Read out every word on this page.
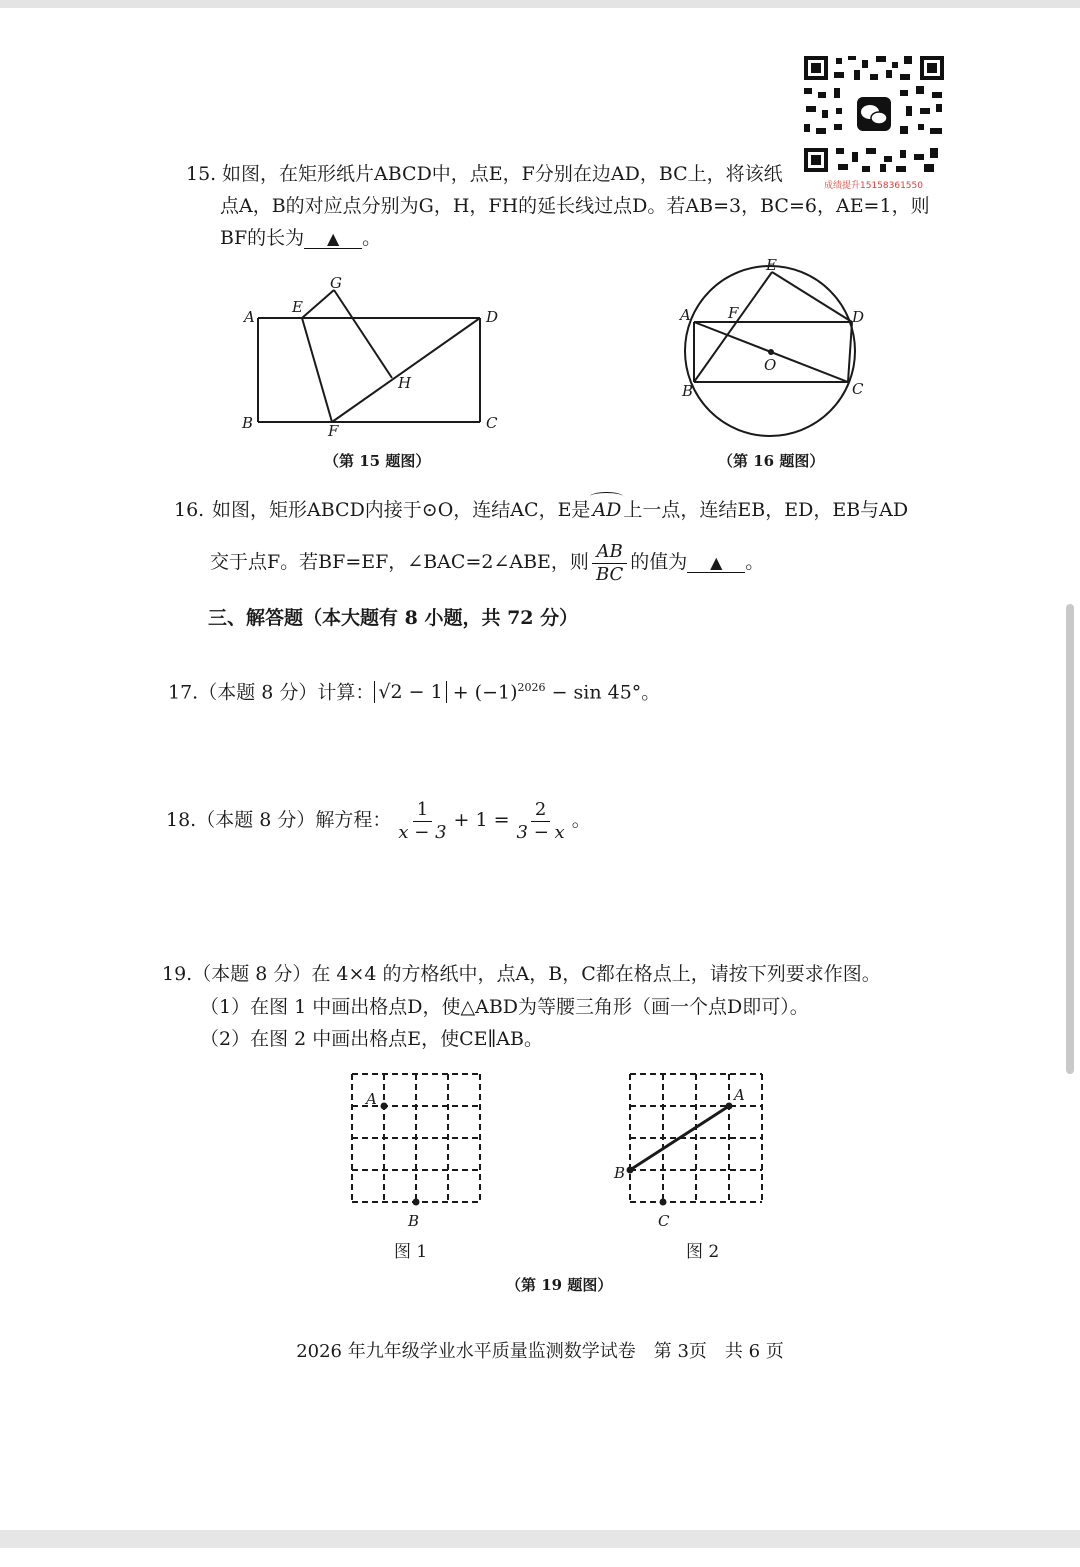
成绩提升15158361550
15. 如图，在矩形纸片ABCD中，点E，F分别在边AD，BC上，将该纸
点A，B的对应点分别为G，H，FH的延长线过点D。若AB=3，BC=6，AE=1，则
BF的长为 ▲ 。
A
E
G
D
H
B	F	C
（第 15 题图）
E
A F	D
O
B	C
（第 16 题图）
16. 如图，矩形ABCD内接于⊙O，连结AC，E是 AD 上一点，连结EB，ED，EB与AD
交于点F。若BF=EF，∠BAC=2∠ABE，则 $\frac{AB}{BC}$ 的值为 ▲ 。
三、解答题（本大题有 8 小题，共 72 分）
17.（本题 8 分）计算： $√2 - 1 + (-1)^{2026} - \sin 45^\circ$。
18.（本题 8 分）解方程： $\frac{1}{x - 3} + 1 = \frac{2}{3 - x}$ 。
19.（本题 8 分）在 4×4 的方格纸中，点A，B，C都在格点上，请按下列要求作图。
（1）在图 1 中画出格点D，使△ABD为等腰三角形（画一个点D即可）。
（2）在图 2 中画出格点E，使CE∥AB。
A
B
图 1
A
B
C
图 2
（第 19 题图）
2026 年九年级学业水平质量监测数学试卷　第 3页　共 6 页
